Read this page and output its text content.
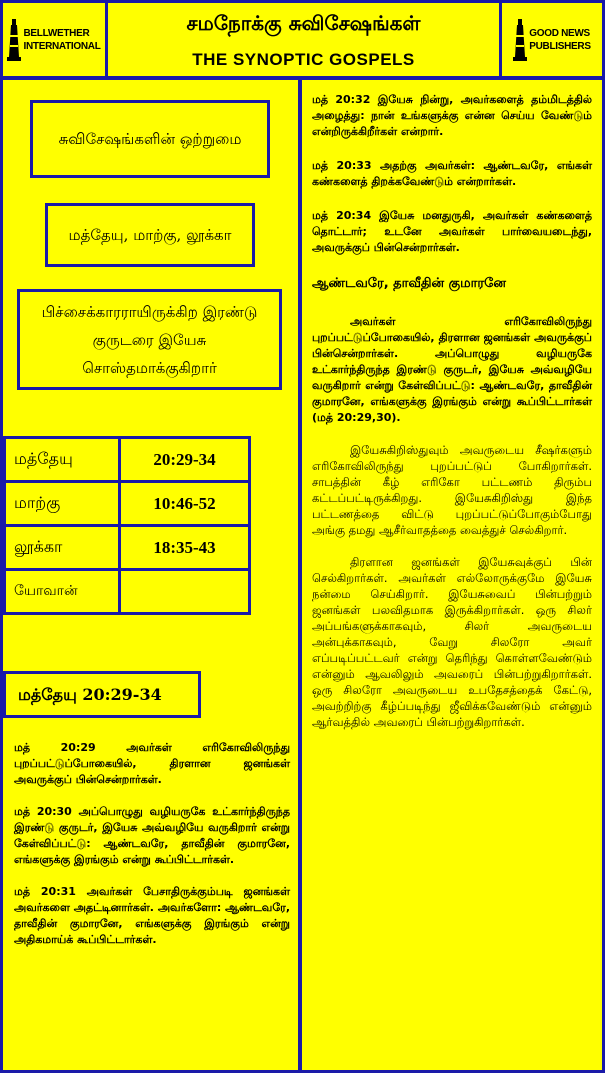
BELLWETHER
INTERNATIONAL
சமநோக்கு சுவிசேஷங்கள்
THE SYNOPTIC GOSPELS
GOOD NEWS
PUBLISHERS
சுவிசேஷங்களின் ஒற்றுமை
மத்தேயு, மாற்கு, லூக்கா
பிச்சைக்காரராயிருக்கிற இரண்டு குருடரை இயேசு சொஸ்தமாக்குகிறார்
மத்தேயு	20:29-34
மாற்கு	10:46-52
லூக்கா	18:35-43
யோவான்	
மத்தேயு 20:29-34

மத் 20:29 அவர்கள் எரிகோவிலிருந்து புறப்பட்டுப்போகையில், திரளான ஜனங்கள் அவருக்குப் பின்சென்றார்கள்.

மத் 20:30 அப்பொழுது வழியருகே உட்கார்ந்திருந்த இரண்டு குருடர், இயேசு அவ்வழியே வருகிறார் என்று கேள்விப்பட்டு: ஆண்டவரே, தாவீதின் குமாரனே, எங்களுக்கு இரங்கும் என்று கூப்பிட்டார்கள்.

மத் 20:31 அவர்கள் பேசாதிருக்கும்படி ஜனங்கள் அவர்களை அதட்டினார்கள். அவர்களோ: ஆண்டவரே, தாவீதின் குமாரனே, எங்களுக்கு இரங்கும் என்று அதிகமாய்க் கூப்பிட்டார்கள்.

மத் 20:32 இயேசு நின்று, அவர்களைத் தம்மிடத்தில் அழைத்து: நான் உங்களுக்கு என்ன செய்ய வேண்டும் என்றிருக்கிறீர்கள் என்றார்.

மத் 20:33 அதற்கு அவர்கள்: ஆண்டவரே, எங்கள் கண்களைத் திறக்கவேண்டும் என்றார்கள்.

மத் 20:34 இயேசு மனதுருகி, அவர்கள் கண்களைத் தொட்டார்; உடனே அவர்கள் பார்வையடைந்து, அவருக்குப் பின்சென்றார்கள்.

ஆண்டவரே, தாவீதின் குமாரனே

அவர்கள் எரிகோவிலிருந்து புறப்பட்டுப்போகையில், திரளான ஜனங்கள் அவருக்குப் பின்சென்றார்கள். அப்பொழுது வழியருகே உட்கார்ந்திருந்த இரண்டு குருடர், இயேசு அவ்வழியே வருகிறார் என்று கேள்விப்பட்டு: ஆண்டவரே, தாவீதின் குமாரனே, எங்களுக்கு இரங்கும் என்று கூப்பிட்டார்கள் (மத் 20:29,30).

இயேசுகிறிஸ்துவும் அவருடைய சீஷர்களும் எரிகோவிலிருந்து புறப்பட்டுப் போகிறார்கள். சாபத்தின் கீழ் எரிகோ பட்டணம் திரும்ப கட்டப்பட்டிருக்கிறது. இயேசுகிறிஸ்து இந்த பட்டணத்தை விட்டு புறப்பட்டுப்போகும்போது அங்கு தமது ஆசீர்வாதத்தை வைத்துச் செல்கிறார்.

திரளான ஜனங்கள் இயேசுவுக்குப் பின் செல்கிறார்கள். அவர்கள் எல்லோருக்குமே இயேசு நன்மை செய்கிறார். இயேசுவைப் பின்பற்றும் ஜனங்கள் பலவிதமாக இருக்கிறார்கள். ஒரு சிலர் அப்பங்களுக்காகவும், சிலர் அவருடைய அன்புக்காகவும், வேறு சிலரோ அவர் எப்படிப்பட்டவர் என்று தெரிந்து கொள்ளவேண்டும் என்னும் ஆவலிலும் அவரைப் பின்பற்றுகிறார்கள். ஒரு சிலரோ அவருடைய உபதேசத்தைக் கேட்டு, அவற்றிற்கு கீழ்ப்படிந்து ஜீவிக்கவேண்டும் என்னும் ஆர்வத்தில் அவரைப் பின்பற்றுகிறார்கள்.
